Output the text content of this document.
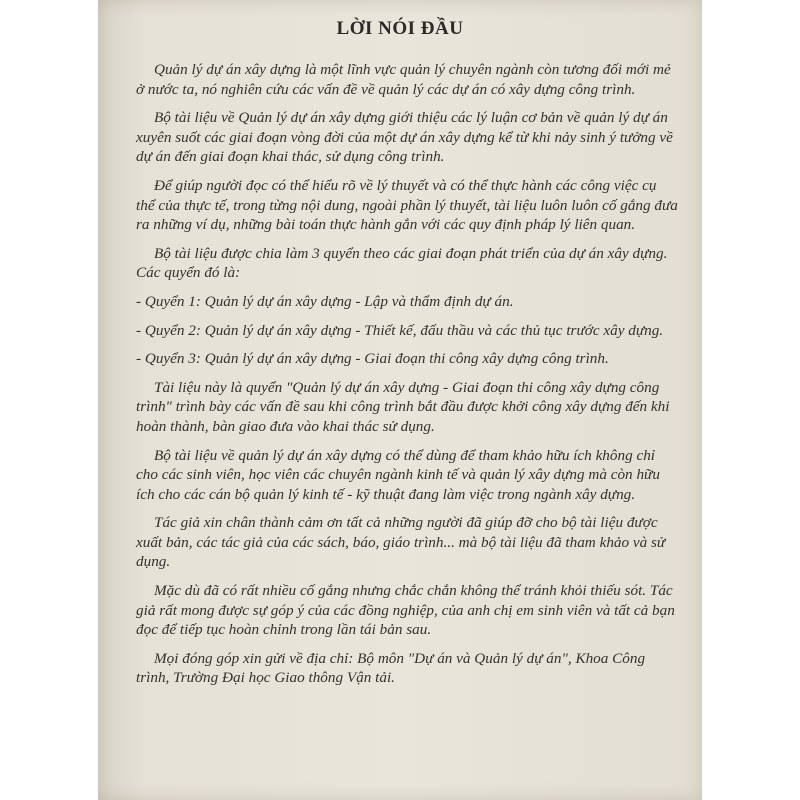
LỜI NÓI ĐẦU

Quản lý dự án xây dựng là một lĩnh vực quản lý chuyên ngành còn tương đối mới mẻ ở nước ta, nó nghiên cứu các vấn đề về quản lý các dự án có xây dựng công trình.

Bộ tài liệu về Quản lý dự án xây dựng giới thiệu các lý luận cơ bản về quản lý dự án xuyên suốt các giai đoạn vòng đời của một dự án xây dựng kể từ khi nảy sinh ý tưởng về dự án đến giai đoạn khai thác, sử dụng công trình.

Để giúp người đọc có thể hiểu rõ về lý thuyết và có thể thực hành các công việc cụ thể của thực tế, trong từng nội dung, ngoài phần lý thuyết, tài liệu luôn luôn cố gắng đưa ra những ví dụ, những bài toán thực hành gắn với các quy định pháp lý liên quan.

Bộ tài liệu được chia làm 3 quyển theo các giai đoạn phát triển của dự án xây dựng. Các quyển đó là:

- Quyển 1: Quản lý dự án xây dựng - Lập và thẩm định dự án.

- Quyển 2: Quản lý dự án xây dựng - Thiết kế, đấu thầu và các thủ tục trước xây dựng.

- Quyển 3: Quản lý dự án xây dựng - Giai đoạn thi công xây dựng công trình.

Tài liệu này là quyển "Quản lý dự án xây dựng - Giai đoạn thi công xây dựng công trình" trình bày các vấn đề sau khi công trình bắt đầu được khởi công xây dựng đến khi hoàn thành, bàn giao đưa vào khai thác sử dụng.

Bộ tài liệu về quản lý dự án xây dựng có thể dùng để tham khảo hữu ích không chỉ cho các sinh viên, học viên các chuyên ngành kinh tế và quản lý xây dựng mà còn hữu ích cho các cán bộ quản lý kinh tế - kỹ thuật đang làm việc trong ngành xây dựng.

Tác giả xin chân thành cảm ơn tất cả những người đã giúp đỡ cho bộ tài liệu được xuất bản, các tác giả của các sách, báo, giáo trình... mà bộ tài liệu đã tham khảo và sử dụng.

Mặc dù đã có rất nhiều cố gắng nhưng chắc chắn không thể tránh khỏi thiếu sót. Tác giả rất mong được sự góp ý của các đồng nghiệp, của anh chị em sinh viên và tất cả bạn đọc để tiếp tục hoàn chỉnh trong lần tái bản sau.

Mọi đóng góp xin gửi về địa chỉ: Bộ môn "Dự án và Quản lý dự án", Khoa Công trình, Trường Đại học Giao thông Vận tải.
